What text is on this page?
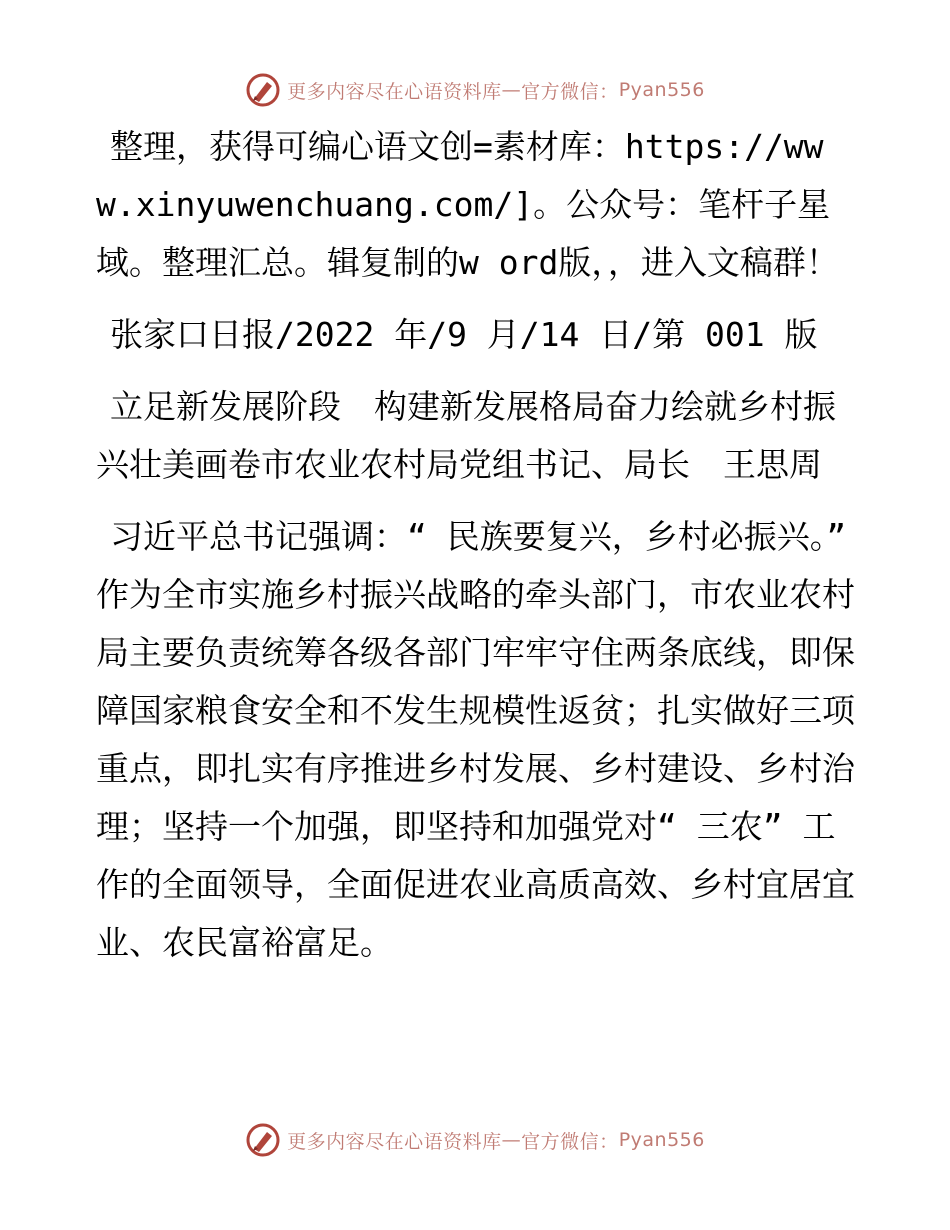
更多内容尽在心语资料库 — 官方微信： Pyan556

整理，获得可编心语文创=素材库：https://www.xinyuwenchuang.com/]。公众号：笔杆子星域。整理汇总。辑复制的w ord版，，进入文稿群！

张家口日报/2022 年/9 月/14 日/第 001 版

立足新发展阶段　构建新发展格局奋力绘就乡村振兴壮美画卷市农业农村局党组书记、局长　王思周

习近平总书记强调：“ 民族要复兴，乡村必振兴。” 作为全市实施乡村振兴战略的牵头部门，市农业农村局主要负责统筹各级各部门牢牢守住两条底线，即保障国家粮食安全和不发生规模性返贫；扎实做好三项重点，即扎实有序推进乡村发展、乡村建设、乡村治理；坚持一个加强，即坚持和加强党对“ 三农” 工作的全面领导，全面促进农业高质高效、乡村宜居宜业、农民富裕富足。

更多内容尽在心语资料库 — 官方微信： Pyan556
